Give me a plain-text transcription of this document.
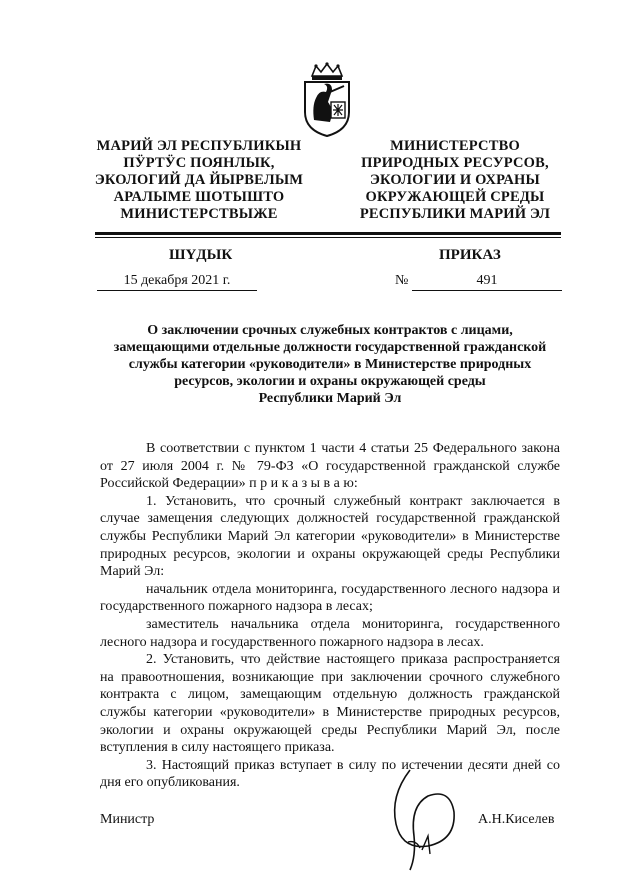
МАРИЙ ЭЛ РЕСПУБЛИКЫН
ПӰРТӰС ПОЯНЛЫК,
ЭКОЛОГИЙ ДА ЙЫРВЕЛЫМ
АРАЛЫМЕ ШОТЫШТО
МИНИСТЕРСТВЫЖЕ
МИНИСТЕРСТВО
ПРИРОДНЫХ РЕСУРСОВ,
ЭКОЛОГИИ И ОХРАНЫ
ОКРУЖАЮЩЕЙ СРЕДЫ
РЕСПУБЛИКИ МАРИЙ ЭЛ
ШҮДЫК	ПРИКАЗ
15 декабря 2021 г.	№	491
О заключении срочных служебных контрактов с лицами,
замещающими отдельные должности государственной гражданской
службы категории «руководители» в Министерстве природных
ресурсов, экологии и охраны окружающей среды
Республики Марий Эл

В соответствии с пунктом 1 части 4 статьи 25 Федерального закона от 27 июля 2004 г. № 79-ФЗ «О государственной гражданской службе Российской Федерации» п р и к а з ы в а ю:

1. Установить, что срочный служебный контракт заключается в случае замещения следующих должностей государственной гражданской службы Республики Марий Эл категории «руководители» в Министерстве природных ресурсов, экологии и охраны окружающей среды Республики Марий Эл:

начальник отдела мониторинга, государственного лесного надзора и государственного пожарного надзора в лесах;

заместитель начальника отдела мониторинга, государственного лесного надзора и государственного пожарного надзора в лесах.

2. Установить, что действие настоящего приказа распространяется на правоотношения, возникающие при заключении срочного служебного контракта с лицом, замещающим отдельную должность гражданской службы категории «руководители» в Министерстве природных ресурсов, экологии и охраны окружающей среды Республики Марий Эл, после вступления в силу настоящего приказа.

3. Настоящий приказ вступает в силу по истечении десяти дней со дня его опубликования.

Министр	А.Н.Киселев
